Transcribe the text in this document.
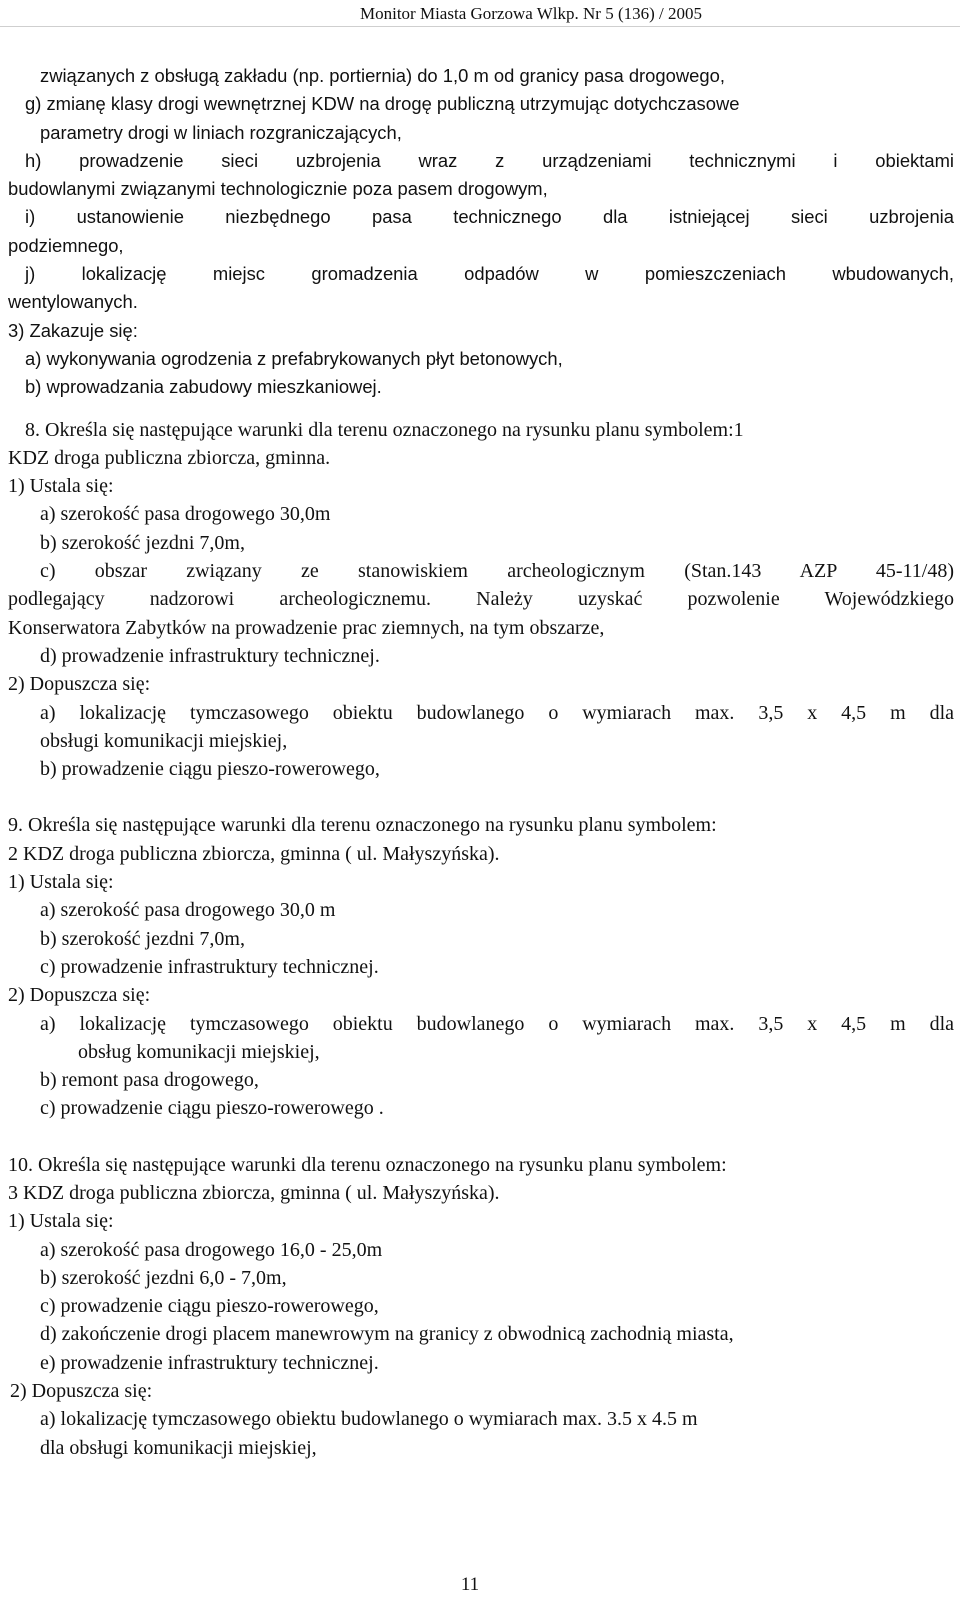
Monitor Miasta Gorzowa Wlkp. Nr 5 (136) / 2005
związanych z obsługą zakładu (np. portiernia) do 1,0 m od granicy pasa drogowego,
g) zmianę klasy drogi wewnętrznej KDW na drogę publiczną utrzymując dotychczasowe
parametry drogi w liniach rozgraniczających,
h) prowadzenie sieci uzbrojenia wraz z urządzeniami technicznymi i obiektami
budowlanymi związanymi technologicznie poza pasem drogowym,
i) ustanowienie niezbędnego pasa technicznego dla istniejącej sieci uzbrojenia
podziemnego,
j) lokalizację miejsc gromadzenia odpadów w pomieszczeniach wbudowanych,
wentylowanych.
3) Zakazuje się:
a) wykonywania ogrodzenia z prefabrykowanych płyt betonowych,
b) wprowadzania zabudowy mieszkaniowej.
8. Określa się następujące warunki dla terenu oznaczonego na rysunku planu symbolem:1
KDZ droga publiczna zbiorcza, gminna.
1) Ustala się:
a) szerokość pasa drogowego 30,0m
b) szerokość jezdni 7,0m,
c) obszar związany ze stanowiskiem archeologicznym (Stan.143 AZP 45-11/48)
podlegający nadzorowi archeologicznemu. Należy uzyskać pozwolenie Wojewódzkiego
Konserwatora Zabytków na prowadzenie prac ziemnych, na tym obszarze,
d) prowadzenie infrastruktury technicznej.
2) Dopuszcza się:
a) lokalizację tymczasowego obiektu budowlanego o wymiarach max. 3,5 x 4,5 m dla
obsługi komunikacji miejskiej,
b) prowadzenie ciągu pieszo-rowerowego,
9. Określa się następujące warunki dla terenu oznaczonego na rysunku planu symbolem:
2 KDZ droga publiczna zbiorcza, gminna ( ul. Małyszyńska).
1) Ustala się:
a) szerokość pasa drogowego 30,0 m
b) szerokość jezdni 7,0m,
c) prowadzenie infrastruktury technicznej.
2) Dopuszcza się:
a) lokalizację tymczasowego obiektu budowlanego o wymiarach max. 3,5 x 4,5 m dla
obsług komunikacji miejskiej,
b) remont pasa drogowego,
c) prowadzenie ciągu pieszo-rowerowego .
10. Określa się następujące warunki dla terenu oznaczonego na rysunku planu symbolem:
3 KDZ droga publiczna zbiorcza, gminna ( ul. Małyszyńska).
1) Ustala się:
a) szerokość pasa drogowego 16,0 - 25,0m
b) szerokość jezdni 6,0 - 7,0m,
c) prowadzenie ciągu pieszo-rowerowego,
d) zakończenie drogi placem manewrowym na granicy z obwodnicą zachodnią miasta,
e) prowadzenie infrastruktury technicznej.
2) Dopuszcza się:
a) lokalizację tymczasowego obiektu budowlanego o wymiarach max. 3.5 x 4.5 m
dla obsługi komunikacji miejskiej,
11
